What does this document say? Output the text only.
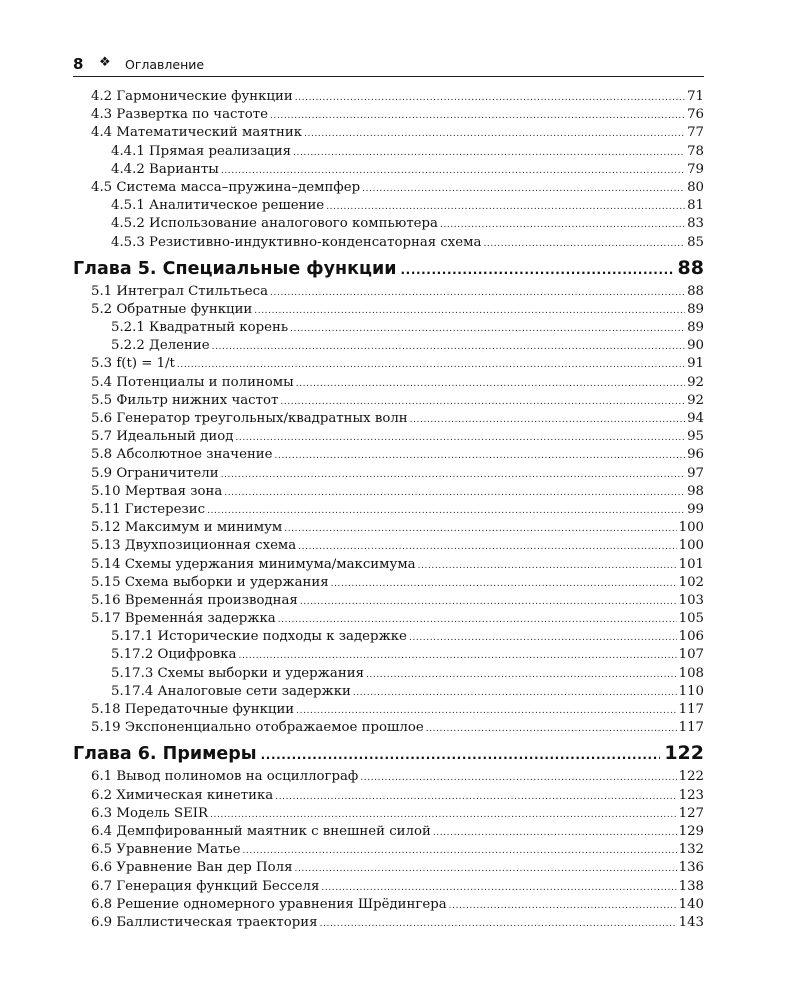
8 ❖ Оглавление
4.2 Гармонические функции .....	71
4.3 Развертка по частоте .....	76
4.4 Математический маятник .....	77
4.4.1 Прямая реализация .....	78
4.4.2 Варианты .....	79
4.5 Система масса–пружина–демпфер .....	80
4.5.1 Аналитическое решение .....	81
4.5.2 Использование аналогового компьютера .....	83
4.5.3 Резистивно-индуктивно-конденсаторная схема .....	85
Глава 5. Специальные функции .....	88
5.1 Интеграл Стильтьеса .....	88
5.2 Обратные функции .....	89
5.2.1 Квадратный корень .....	89
5.2.2 Деление .....	90
5.3 f(t) = 1/t .....	91
5.4 Потенциалы и полиномы .....	92
5.5 Фильтр нижних частот .....	92
5.6 Генератор треугольных/квадратных волн .....	94
5.7 Идеальный диод .....	95
5.8 Абсолютное значение .....	96
5.9 Ограничители .....	97
5.10 Мертвая зона .....	98
5.11 Гистерезис .....	99
5.12 Максимум и минимум .....	100
5.13 Двухпозиционная схема .....	100
5.14 Схемы удержания минимума/максимума .....	101
5.15 Схема выборки и удержания .....	102
5.16 Временна́я производная .....	103
5.17 Временна́я задержка .....	105
5.17.1 Исторические подходы к задержке .....	106
5.17.2 Оцифровка .....	107
5.17.3 Схемы выборки и удержания .....	108
5.17.4 Аналоговые сети задержки .....	110
5.18 Передаточные функции .....	117
5.19 Экспоненциально отображаемое прошлое .....	117
Глава 6. Примеры .....	122
6.1 Вывод полиномов на осциллограф .....	122
6.2 Химическая кинетика .....	123
6.3 Модель SEIR .....	127
6.4 Демпфированный маятник с внешней силой .....	129
6.5 Уравнение Матье .....	132
6.6 Уравнение Ван дер Поля .....	136
6.7 Генерация функций Бесселя .....	138
6.8 Решение одномерного уравнения Шрёдингера .....	140
6.9 Баллистическая траектория .....	143
